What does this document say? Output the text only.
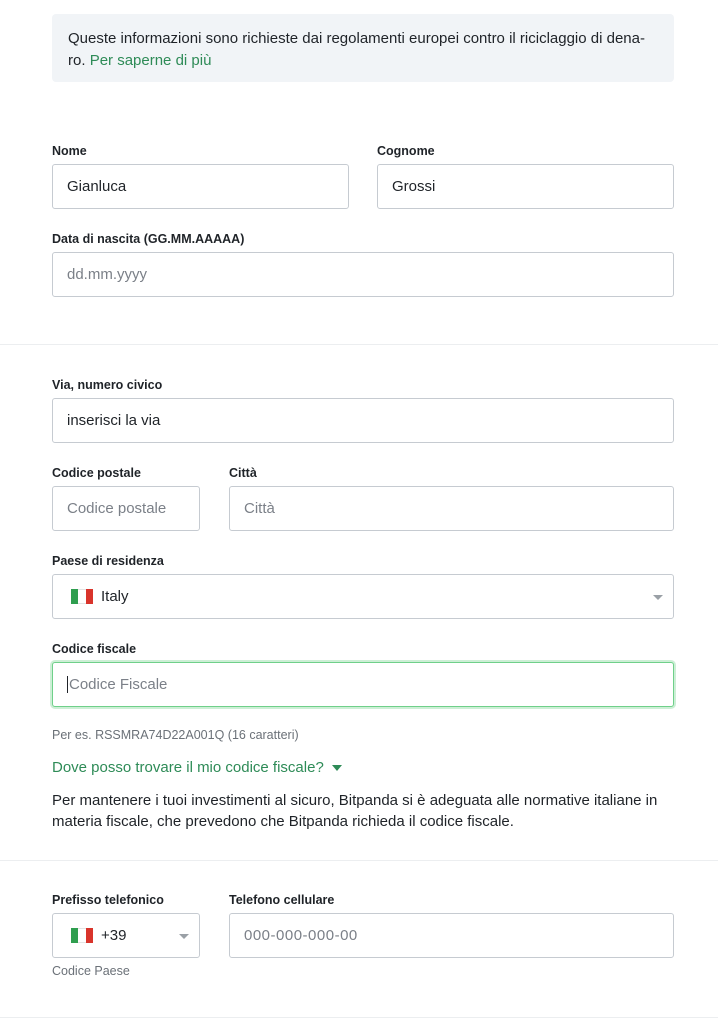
Queste informazioni sono richieste dai regolamenti europei contro il riciclaggio di dena-ro. Per saperne di più
Nome
Gianluca
Cognome
Grossi
Data di nascita (GG.MM.AAAAA)
dd.mm.yyyy
Via, numero civico
inserisci la via
Codice postale
Codice postale
Città
Città
Paese di residenza
Italy
Codice fiscale
Codice Fiscale
Per es. RSSMRA74D22A001Q (16 caratteri)
Dove posso trovare il mio codice fiscale?
Per mantenere i tuoi investimenti al sicuro, Bitpanda si è adeguata alle normative italiane in materia fiscale, che prevedono che Bitpanda richieda il codice fiscale.
Prefisso telefonico
+39
Codice Paese
Telefono cellulare
000-000-000-00
